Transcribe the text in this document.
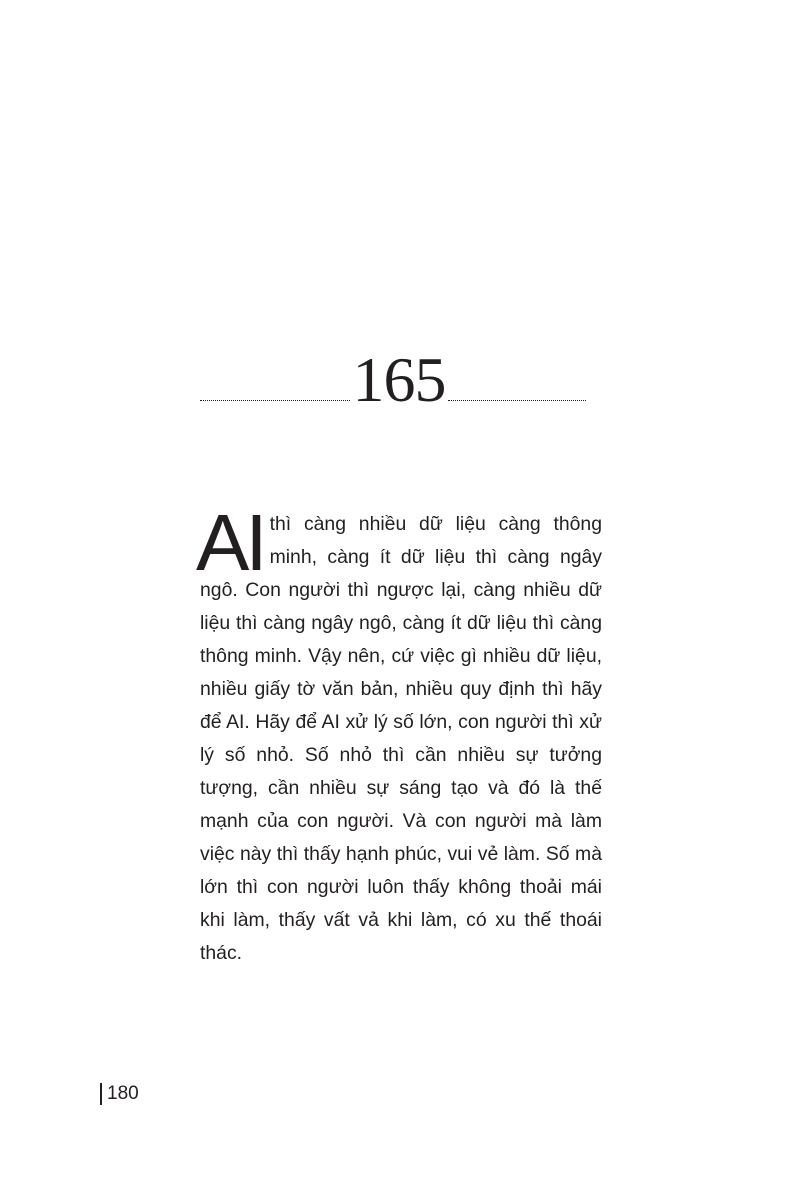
165
AI thì càng nhiều dữ liệu càng thông minh, càng ít dữ liệu thì càng ngây ngô. Con người thì ngược lại, càng nhiều dữ liệu thì càng ngây ngô, càng ít dữ liệu thì càng thông minh. Vậy nên, cứ việc gì nhiều dữ liệu, nhiều giấy tờ văn bản, nhiều quy định thì hãy để AI. Hãy để AI xử lý số lớn, con người thì xử lý số nhỏ. Số nhỏ thì cần nhiều sự tưởng tượng, cần nhiều sự sáng tạo và đó là thế mạnh của con người. Và con người mà làm việc này thì thấy hạnh phúc, vui vẻ làm. Số mà lớn thì con người luôn thấy không thoải mái khi làm, thấy vất vả khi làm, có xu thế thoái thác.
180
